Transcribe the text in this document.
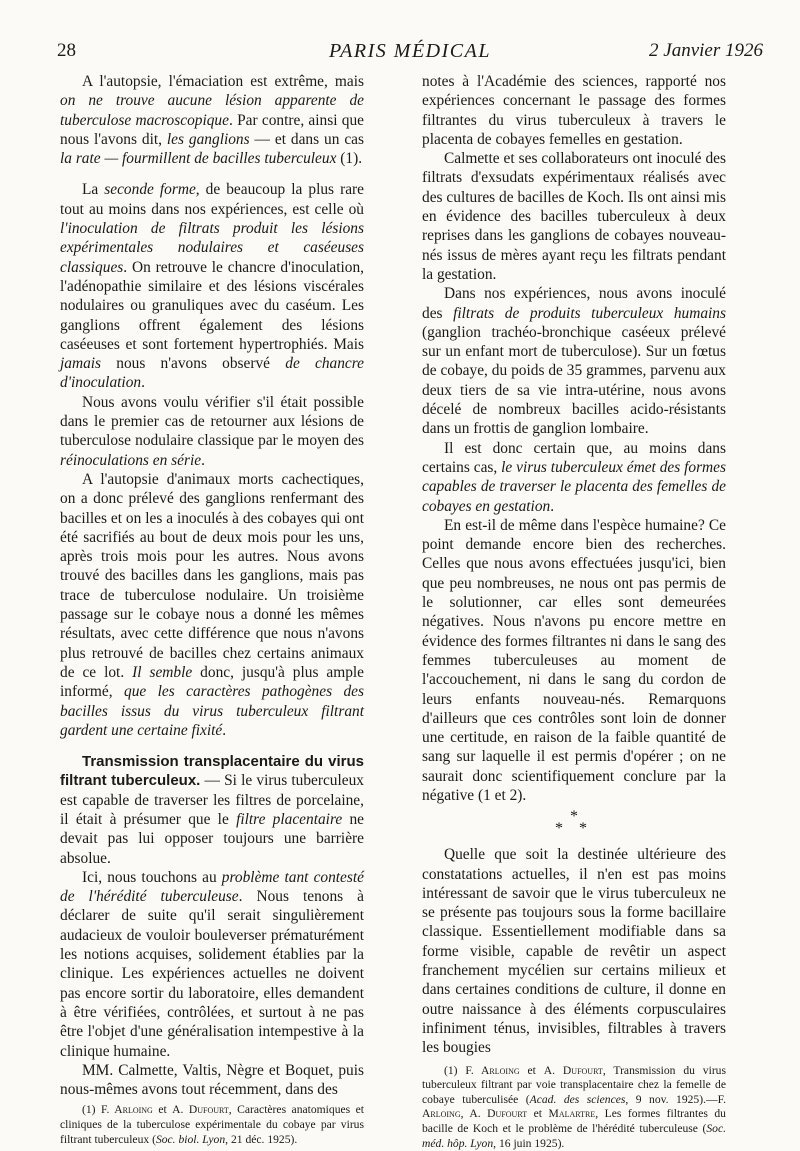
28	PARIS MÉDICAL	2 Janvier 1926

A l'autopsie, l'émaciation est extrême, mais on ne trouve aucune lésion apparente de tuberculose macroscopique. Par contre, ainsi que nous l'avons dit, les ganglions — et dans un cas la rate — fourmillent de bacilles tuberculeux (1).

La seconde forme, de beaucoup la plus rare tout au moins dans nos expériences, est celle où l'inoculation de filtrats produit les lésions expérimentales nodulaires et caséeuses classiques. On retrouve le chancre d'inoculation, l'adénopathie similaire et des lésions viscérales nodulaires ou granuliques avec du caséum. Les ganglions offrent également des lésions caséeuses et sont fortement hypertrophiés. Mais jamais nous n'avons observé de chancre d'inoculation.

Nous avons voulu vérifier s'il était possible dans le premier cas de retourner aux lésions de tuberculose nodulaire classique par le moyen des réinoculations en série.

A l'autopsie d'animaux morts cachectiques, on a donc prélevé des ganglions renfermant des bacilles et on les a inoculés à des cobayes qui ont été sacrifiés au bout de deux mois pour les uns, après trois mois pour les autres. Nous avons trouvé des bacilles dans les ganglions, mais pas trace de tuberculose nodulaire. Un troisième passage sur le cobaye nous a donné les mêmes résultats, avec cette différence que nous n'avons plus retrouvé de bacilles chez certains animaux de ce lot. Il semble donc, jusqu'à plus ample informé, que les caractères pathogènes des bacilles issus du virus tuberculeux filtrant gardent une certaine fixité.

Transmission transplacentaire du virus filtrant tuberculeux. — Si le virus tuberculeux est capable de traverser les filtres de porcelaine, il était à présumer que le filtre placentaire ne devait pas lui opposer toujours une barrière absolue.

Ici, nous touchons au problème tant contesté de l'hérédité tuberculeuse. Nous tenons à déclarer de suite qu'il serait singulièrement audacieux de vouloir bouleverser prématurément les notions acquises, solidement établies par la clinique. Les expériences actuelles ne doivent pas encore sortir du laboratoire, elles demandent à être vérifiées, contrôlées, et surtout à ne pas être l'objet d'une généralisation intempestive à la clinique humaine.

MM. Calmette, Valtis, Nègre et Boquet, puis nous-mêmes avons tout récemment, dans des

(1) F. Arloing et A. Dufourt, Caractères anatomiques et cliniques de la tuberculose expérimentale du cobaye par virus filtrant tuberculeux (Soc. biol. Lyon, 21 déc. 1925).

notes à l'Académie des sciences, rapporté nos expériences concernant le passage des formes filtrantes du virus tuberculeux à travers le placenta de cobayes femelles en gestation.

Calmette et ses collaborateurs ont inoculé des filtrats d'exsudats expérimentaux réalisés avec des cultures de bacilles de Koch. Ils ont ainsi mis en évidence des bacilles tuberculeux à deux reprises dans les ganglions de cobayes nouveau-nés issus de mères ayant reçu les filtrats pendant la gestation.

Dans nos expériences, nous avons inoculé des filtrats de produits tuberculeux humains (ganglion trachéo-bronchique caséeux prélevé sur un enfant mort de tuberculose). Sur un fœtus de cobaye, du poids de 35 grammes, parvenu aux deux tiers de sa vie intra-utérine, nous avons décelé de nombreux bacilles acido-résistants dans un frottis de ganglion lombaire.

Il est donc certain que, au moins dans certains cas, le virus tuberculeux émet des formes capables de traverser le placenta des femelles de cobayes en gestation.

En est-il de même dans l'espèce humaine? Ce point demande encore bien des recherches. Celles que nous avons effectuées jusqu'ici, bien que peu nombreuses, ne nous ont pas permis de le solutionner, car elles sont demeurées négatives. Nous n'avons pu encore mettre en évidence des formes filtrantes ni dans le sang des femmes tuberculeuses au moment de l'accouchement, ni dans le sang du cordon de leurs enfants nouveau-nés. Remarquons d'ailleurs que ces contrôles sont loin de donner une certitude, en raison de la faible quantité de sang sur laquelle il est permis d'opérer ; on ne saurait donc scientifiquement conclure par la négative (1 et 2).

*
* *

Quelle que soit la destinée ultérieure des constatations actuelles, il n'en est pas moins intéressant de savoir que le virus tuberculeux ne se présente pas toujours sous la forme bacillaire classique. Essentiellement modifiable dans sa forme visible, capable de revêtir un aspect franchement mycélien sur certains milieux et dans certaines conditions de culture, il donne en outre naissance à des éléments corpusculaires infiniment ténus, invisibles, filtrables à travers les bougies

(1) F. Arloing et A. Dufourt, Transmission du virus tuberculeux filtrant par voie transplacentaire chez la femelle de cobaye tuberculisée (Acad. des sciences, 9 nov. 1925).—F. Arloing, A. Dufourt et Malartre, Les formes filtrantes du bacille de Koch et le problème de l'hérédité tuberculeuse (Soc. méd. hôp. Lyon, 16 juin 1925).
